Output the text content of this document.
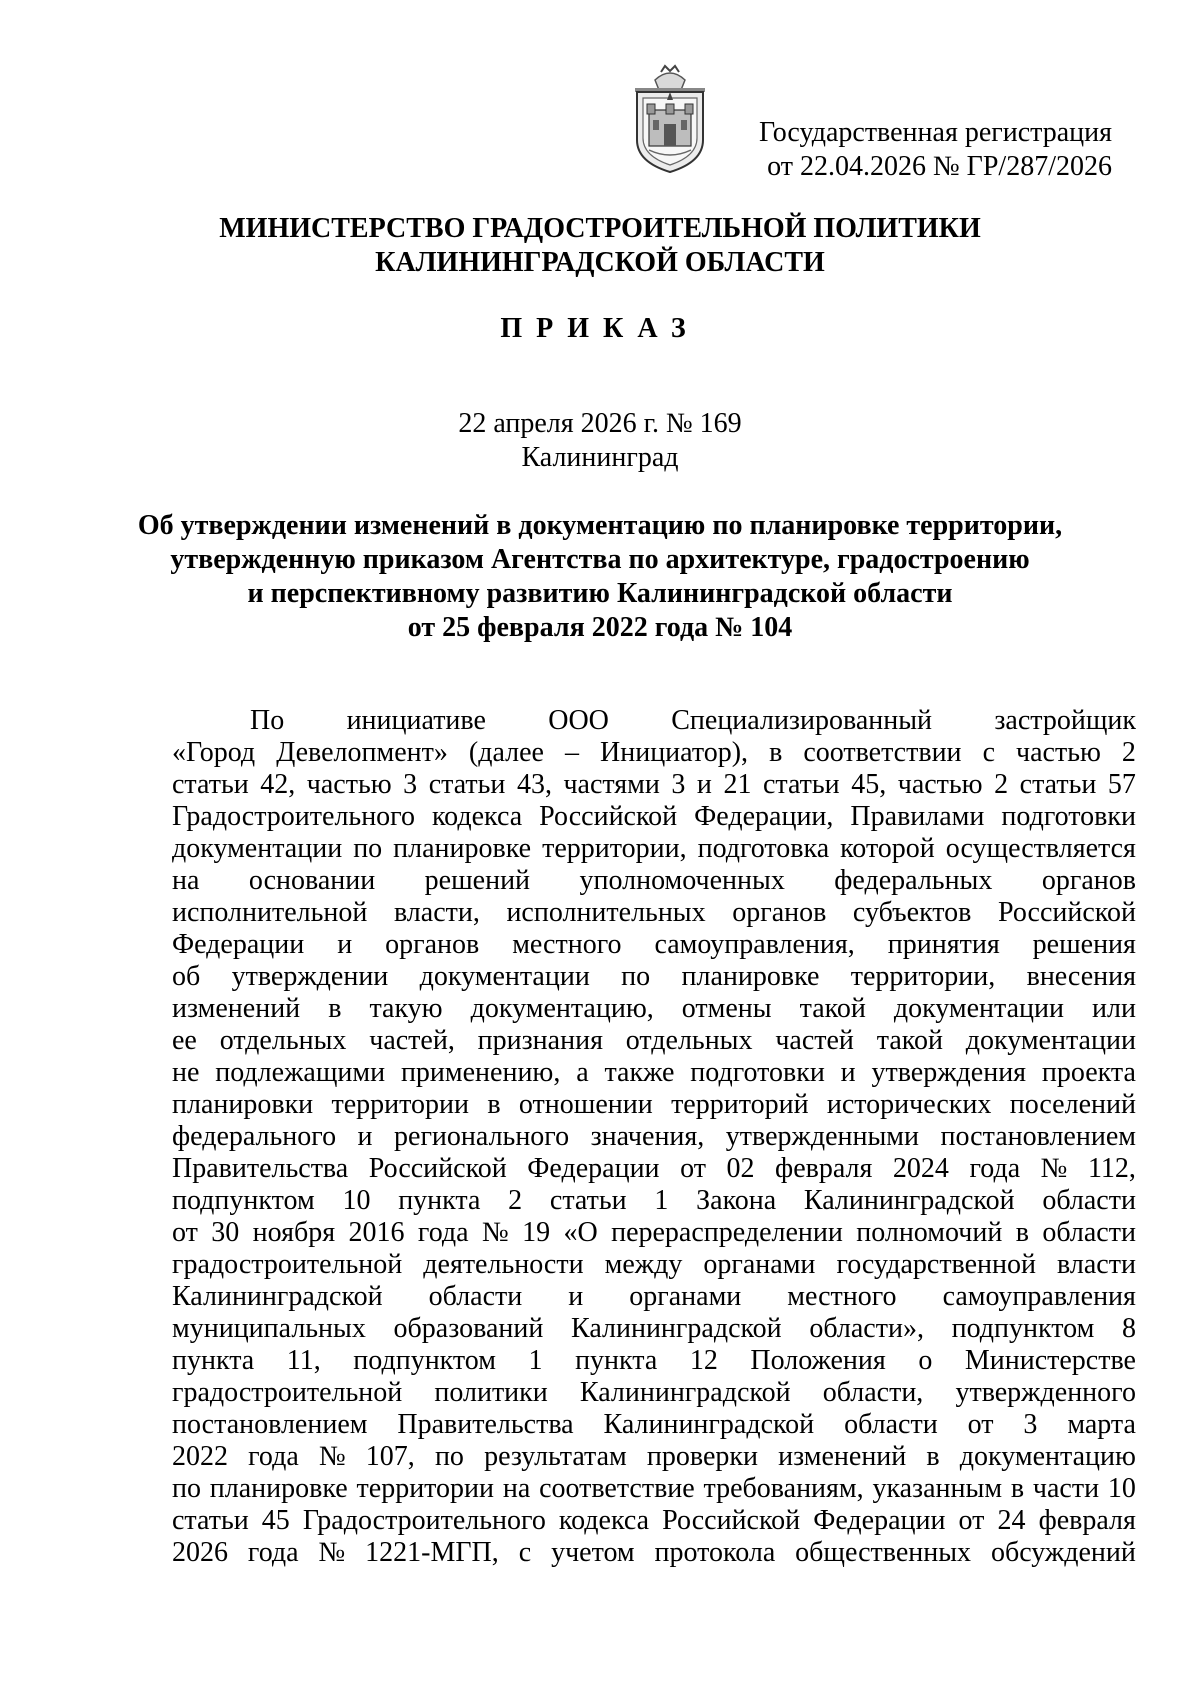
Государственная регистрация
от 22.04.2026 № ГР/287/2026
МИНИСТЕРСТВО ГРАДОСТРОИТЕЛЬНОЙ ПОЛИТИКИ
КАЛИНИНГРАДСКОЙ ОБЛАСТИ
ПРИКАЗ
22 апреля 2026 г. № 169
Калининград
Об утверждении изменений в документацию по планировке территории,
утвержденную приказом Агентства по архитектуре, градостроению
и перспективному развитию Калининградской области
от 25 февраля 2022 года № 104
По инициативе ООО Специализированный застройщик
«Город Девелопмент» (далее – Инициатор), в соответствии с частью 2
статьи 42, частью 3 статьи 43, частями 3 и 21 статьи 45, частью 2 статьи 57
Градостроительного кодекса Российской Федерации, Правилами подготовки
документации по планировке территории, подготовка которой осуществляется
на основании решений уполномоченных федеральных органов
исполнительной власти, исполнительных органов субъектов Российской
Федерации и органов местного самоуправления, принятия решения
об утверждении документации по планировке территории, внесения
изменений в такую документацию, отмены такой документации или
ее отдельных частей, признания отдельных частей такой документации
не подлежащими применению, а также подготовки и утверждения проекта
планировки территории в отношении территорий исторических поселений
федерального и регионального значения, утвержденными постановлением
Правительства Российской Федерации от 02 февраля 2024 года № 112,
подпунктом 10 пункта 2 статьи 1 Закона Калининградской области
от 30 ноября 2016 года № 19 «О перераспределении полномочий в области
градостроительной деятельности между органами государственной власти
Калининградской области и органами местного самоуправления
муниципальных образований Калининградской области», подпунктом 8
пункта 11, подпунктом 1 пункта 12 Положения о Министерстве
градостроительной политики Калининградской области, утвержденного
постановлением Правительства Калининградской области от 3 марта
2022 года № 107, по результатам проверки изменений в документацию
по планировке территории на соответствие требованиям, указанным в части 10
статьи 45 Градостроительного кодекса Российской Федерации от 24 февраля
2026 года № 1221-МГП, с учетом протокола общественных обсуждений
